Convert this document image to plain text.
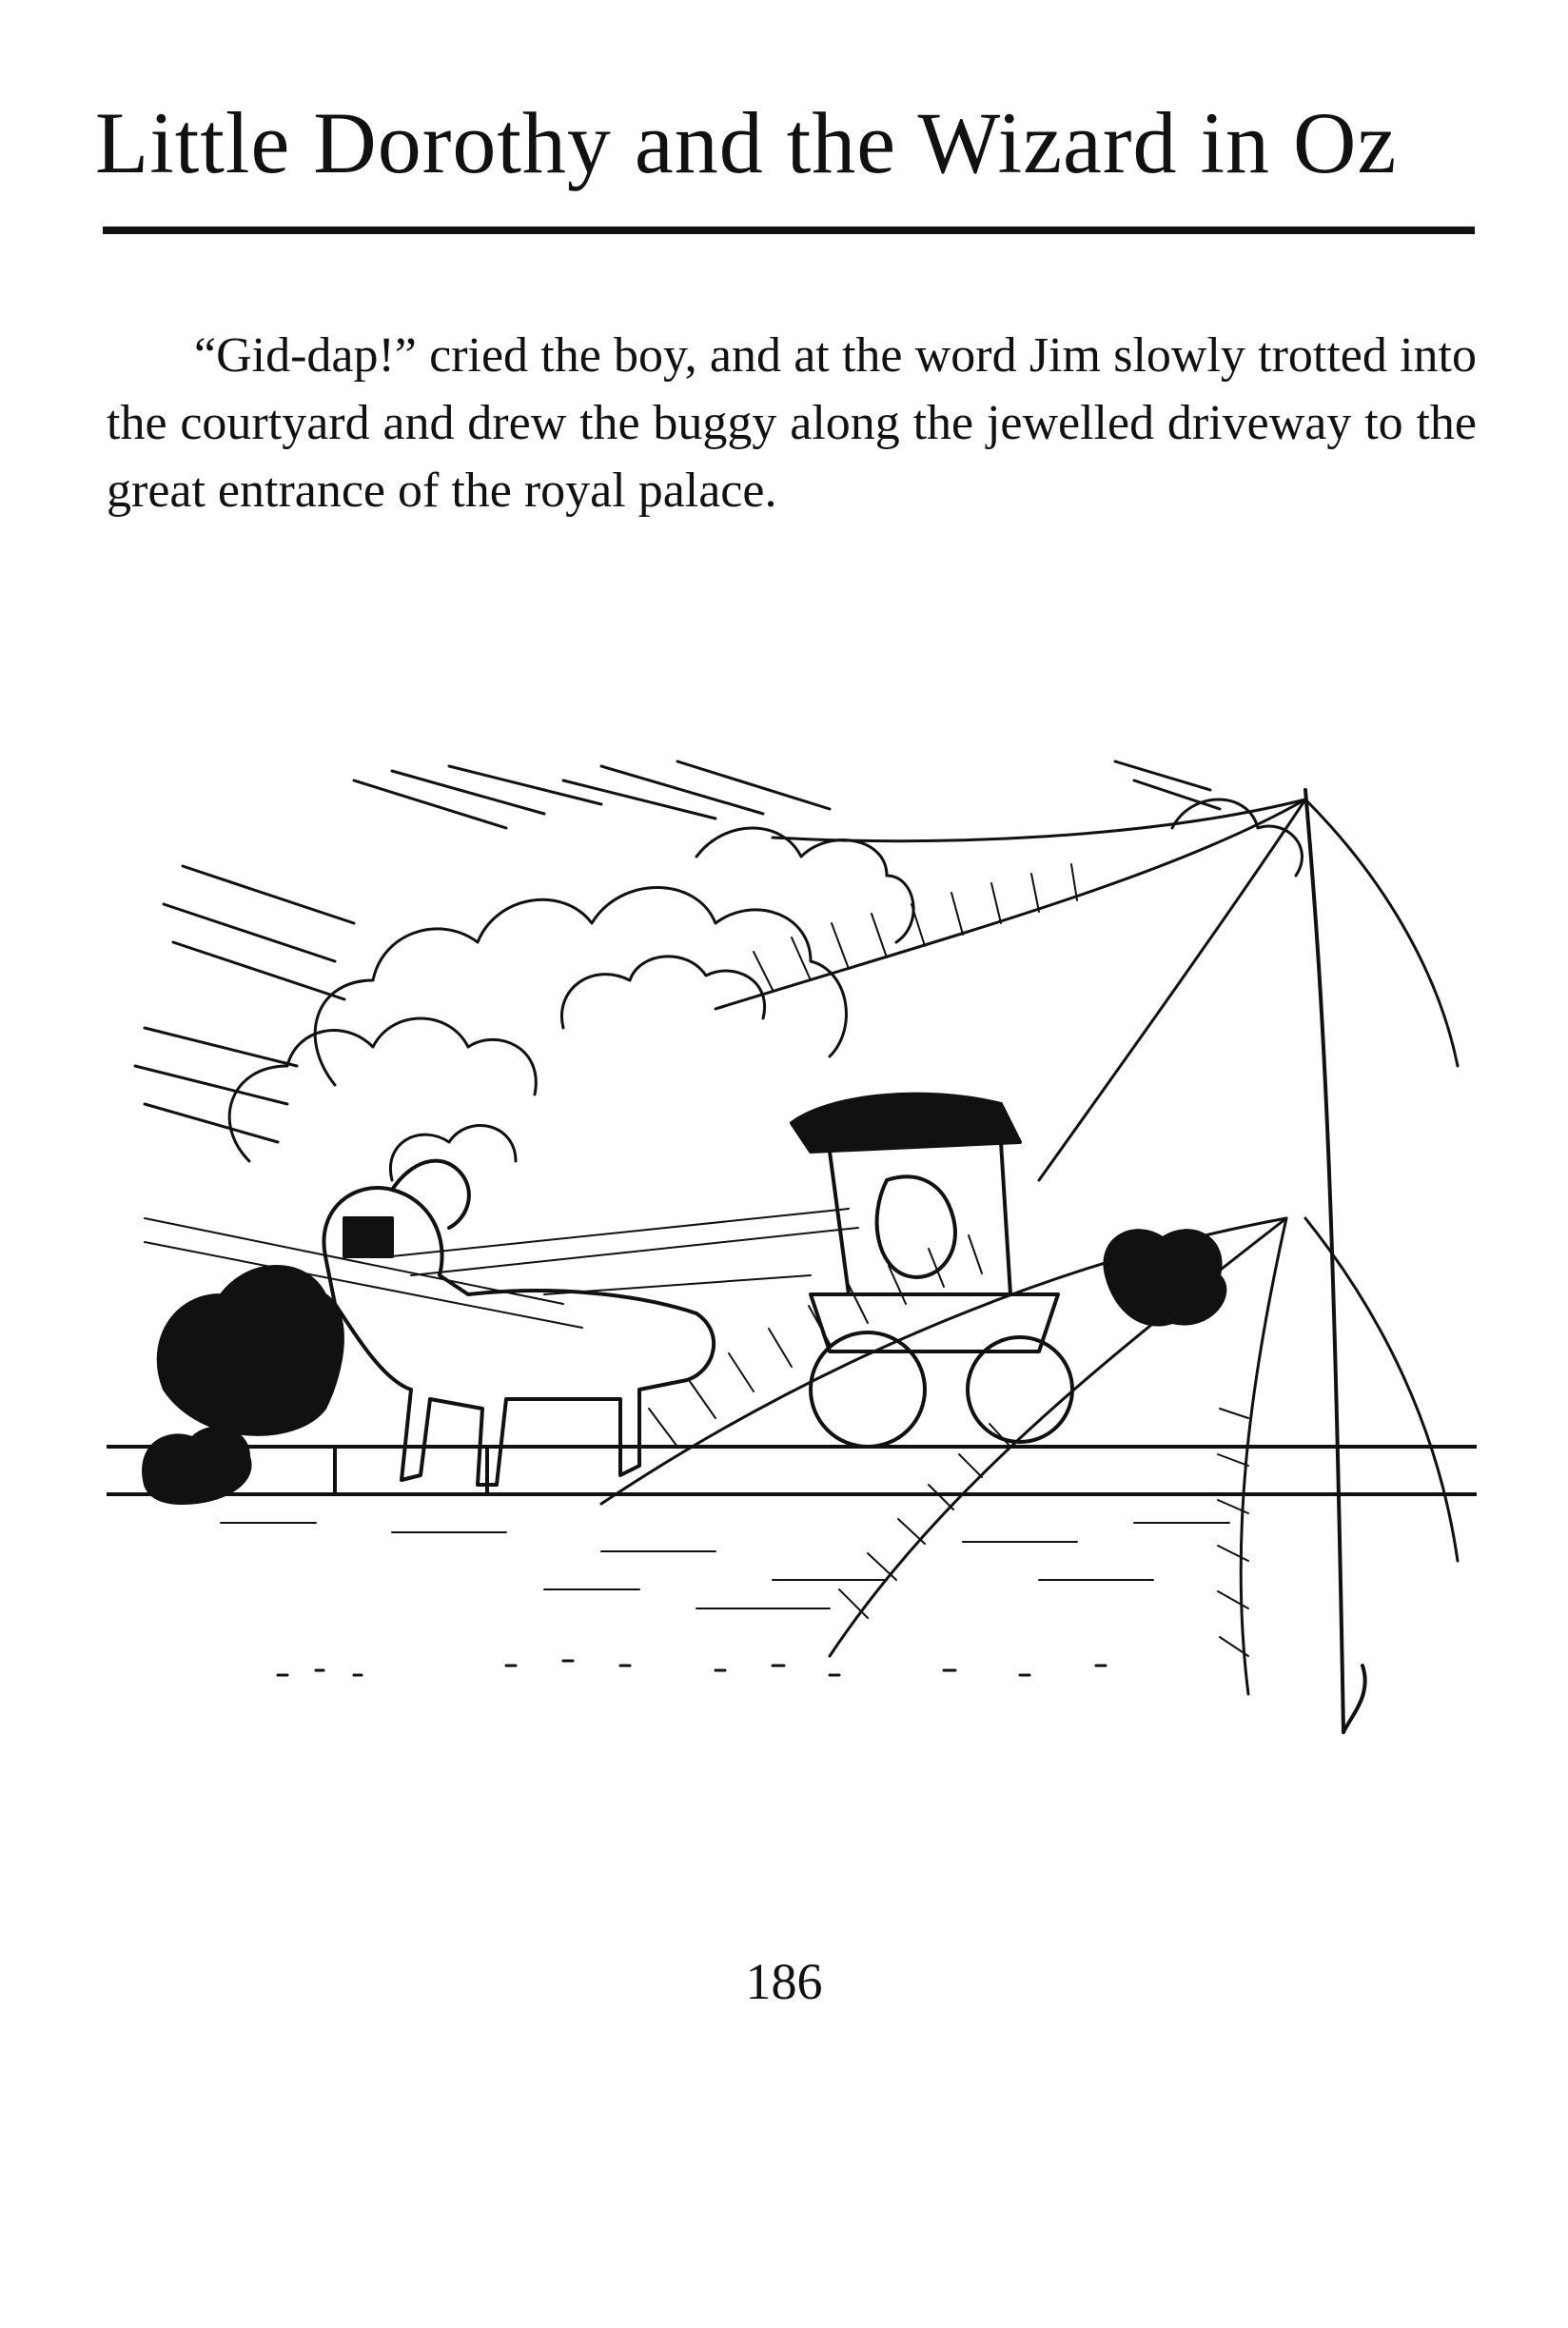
Little Dorothy and the Wizard in Oz
“Gid-dap!” cried the boy, and at the word Jim slowly trotted into the courtyard and drew the buggy along the jewelled driveway to the great entrance of the royal palace.
186
